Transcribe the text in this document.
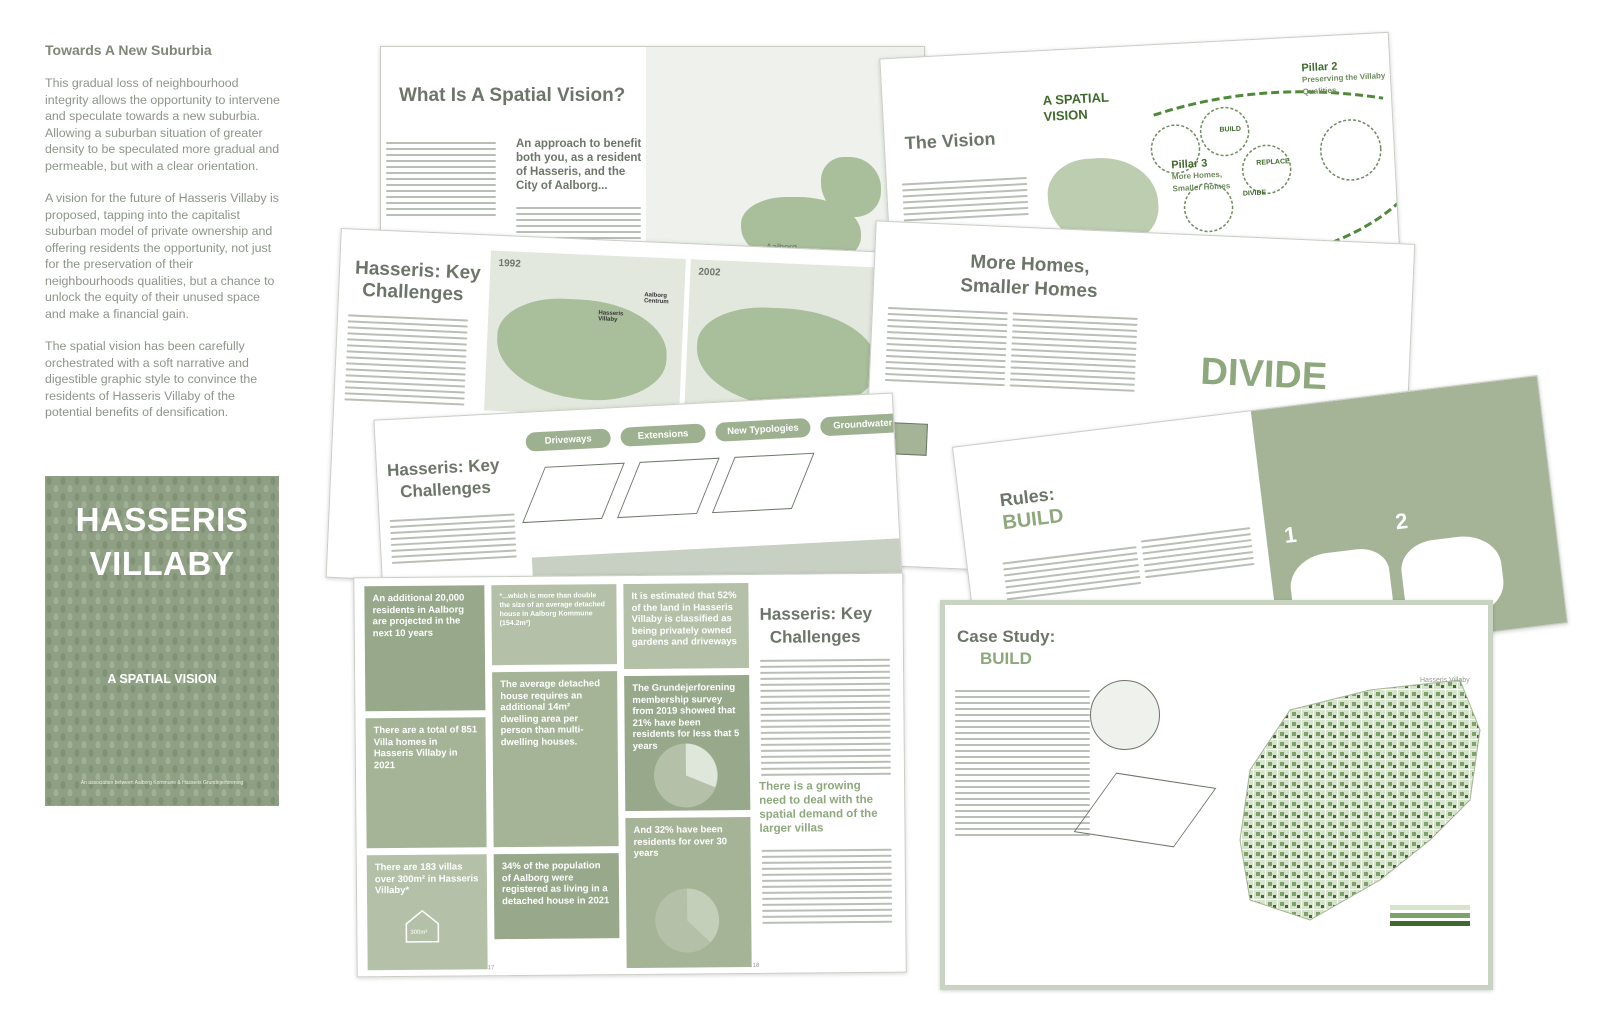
Towards A New Suburbia

This gradual loss of neighbourhood integrity allows the opportunity to intervene and speculate towards a new suburbia. Allowing a suburban situation of greater density to be speculated more gradual and permeable, but with a clear orientation.

A vision for the future of Hasseris Villaby is proposed, tapping into the capitalist suburban model of private ownership and offering residents the opportunity, not just for the preservation of their neighbourhoods qualities, but a chance to unlock the equity of their unused space and make a financial gain.

The spatial vision has been carefully orchestrated with a soft narrative and digestible graphic style to convince the residents of Hasseris Villaby of the potential benefits of densification.

HASSERIS
VILLABY
A SPATIAL VISION
An association between Aalborg Kommune & Hasseris Grundejerforening
What Is A Spatial Vision?
An approach to benefit both you, as a resident of Hasseris, and the City of Aalborg...
The Vision
A SPATIAL VISION
Pillar 2
Preserving the Villaby Qualities
Pillar 3
More Homes, Smaller Homes
BUILD
REPLACE
DIVIDE
Hasseris: Key
Challenges
1992
2002
Aalborg Centrum
Hasseris Villaby
More Homes,
Smaller Homes
DIVIDE
Rules:
BUILD
1
2
Hasseris: Key
Challenges
Driveways	Extensions	New Typologies	Groundwater
An additional 20,000 residents in Aalborg are projected in the next 10 years
There are a total of 851 Villa homes in Hasseris Villaby in 2021
There are 183 villas over 300m² in Hasseris Villaby*
300m²
*...which is more than double the size of an average detached house in Aalborg Kommune (154.2m²)
The average detached house requires an additional 14m² dwelling area per person than multi-dwelling houses.
34% of the population of Aalborg were registered as living in a detached house in 2021
It is estimated that 52% of the land in Hasseris Villaby is classified as being privately owned gardens and driveways
The Grundejerforening membership survey from 2019 showed that 21% have been residents for less that 5 years
And 32% have been residents for over 30 years
Hasseris: Key
Challenges
There is a growing need to deal with the spatial demand of the larger villas
17	18
Case Study:
BUILD
Hasseris Villaby
